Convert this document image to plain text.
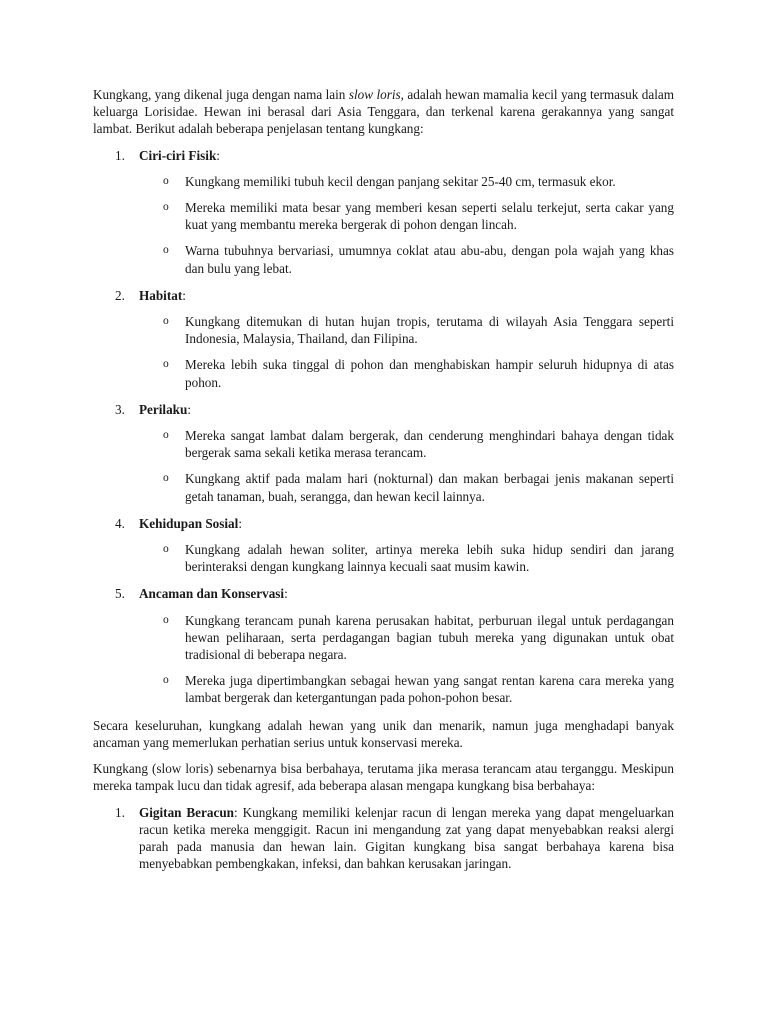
Kungkang, yang dikenal juga dengan nama lain slow loris, adalah hewan mamalia kecil yang termasuk dalam keluarga Lorisidae. Hewan ini berasal dari Asia Tenggara, dan terkenal karena gerakannya yang sangat lambat. Berikut adalah beberapa penjelasan tentang kungkang:

1. Ciri-ciri Fisik:

o Kungkang memiliki tubuh kecil dengan panjang sekitar 25-40 cm, termasuk ekor.

o Mereka memiliki mata besar yang memberi kesan seperti selalu terkejut, serta cakar yang kuat yang membantu mereka bergerak di pohon dengan lincah.

o Warna tubuhnya bervariasi, umumnya coklat atau abu-abu, dengan pola wajah yang khas dan bulu yang lebat.

2. Habitat:

o Kungkang ditemukan di hutan hujan tropis, terutama di wilayah Asia Tenggara seperti Indonesia, Malaysia, Thailand, dan Filipina.

o Mereka lebih suka tinggal di pohon dan menghabiskan hampir seluruh hidupnya di atas pohon.

3. Perilaku:

o Mereka sangat lambat dalam bergerak, dan cenderung menghindari bahaya dengan tidak bergerak sama sekali ketika merasa terancam.

o Kungkang aktif pada malam hari (nokturnal) dan makan berbagai jenis makanan seperti getah tanaman, buah, serangga, dan hewan kecil lainnya.

4. Kehidupan Sosial:

o Kungkang adalah hewan soliter, artinya mereka lebih suka hidup sendiri dan jarang berinteraksi dengan kungkang lainnya kecuali saat musim kawin.

5. Ancaman dan Konservasi:

o Kungkang terancam punah karena perusakan habitat, perburuan ilegal untuk perdagangan hewan peliharaan, serta perdagangan bagian tubuh mereka yang digunakan untuk obat tradisional di beberapa negara.

o Mereka juga dipertimbangkan sebagai hewan yang sangat rentan karena cara mereka yang lambat bergerak dan ketergantungan pada pohon-pohon besar.

Secara keseluruhan, kungkang adalah hewan yang unik dan menarik, namun juga menghadapi banyak ancaman yang memerlukan perhatian serius untuk konservasi mereka.

Kungkang (slow loris) sebenarnya bisa berbahaya, terutama jika merasa terancam atau terganggu. Meskipun mereka tampak lucu dan tidak agresif, ada beberapa alasan mengapa kungkang bisa berbahaya:

1. Gigitan Beracun: Kungkang memiliki kelenjar racun di lengan mereka yang dapat mengeluarkan racun ketika mereka menggigit. Racun ini mengandung zat yang dapat menyebabkan reaksi alergi parah pada manusia dan hewan lain. Gigitan kungkang bisa sangat berbahaya karena bisa menyebabkan pembengkakan, infeksi, dan bahkan kerusakan jaringan.
